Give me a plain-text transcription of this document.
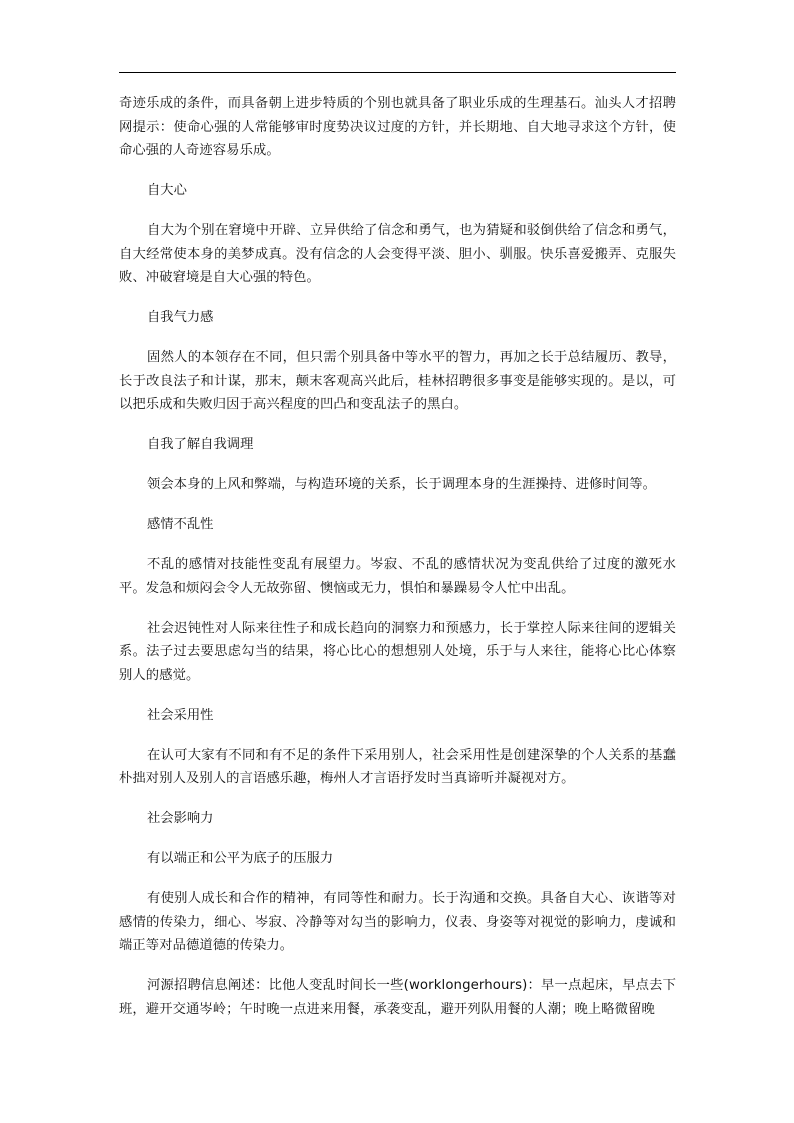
奇迹乐成的条件，而具备朝上进步特质的个别也就具备了职业乐成的生理基石。汕头人才招聘网提示：使命心强的人常能够审时度势决议过度的方针，并长期地、自大地寻求这个方针，使命心强的人奇迹容易乐成。

自大心

自大为个别在窘境中开辟、立异供给了信念和勇气，也为猜疑和驳倒供给了信念和勇气，自大经常使本身的美梦成真。没有信念的人会变得平淡、胆小、驯服。快乐喜爱搬弄、克服失败、冲破窘境是自大心强的特色。

自我气力感

固然人的本领存在不同，但只需个别具备中等水平的智力，再加之长于总结履历、教导，长于改良法子和计谋，那末，颠末客观高兴此后，桂林招聘很多事变是能够实现的。是以，可以把乐成和失败归因于高兴程度的凹凸和变乱法子的黑白。

自我了解自我调理

领会本身的上风和弊端，与构造环境的关系，长于调理本身的生涯操持、进修时间等。

感情不乱性

不乱的感情对技能性变乱有展望力。岑寂、不乱的感情状况为变乱供给了过度的激死水平。发急和烦闷会令人无故弥留、懊恼或无力，惧怕和暴躁易令人忙中出乱。

社会迟钝性对人际来往性子和成长趋向的洞察力和预感力，长于掌控人际来往间的逻辑关系。法子过去要思虑勾当的结果，将心比心的想想别人处境，乐于与人来往，能将心比心体察别人的感觉。

社会采用性

在认可大家有不同和有不足的条件下采用别人，社会采用性是创建深挚的个人关系的基蠢朴拙对别人及别人的言语感乐趣，梅州人才言语抒发时当真谛听并凝视对方。

社会影响力

有以端正和公平为底子的压服力

有使别人成长和合作的精神，有同等性和耐力。长于沟通和交换。具备自大心、诙谐等对感情的传染力，细心、岑寂、冷静等对勾当的影响力，仪表、身姿等对视觉的影响力，虔诚和端正等对品德道德的传染力。

河源招聘信息阐述：比他人变乱时间长一些(worklongerhours)：早一点起床，早点去下班，避开交通岑岭；午时晚一点进来用餐，承袭变乱，避开列队用餐的人潮；晚上略微留晚
